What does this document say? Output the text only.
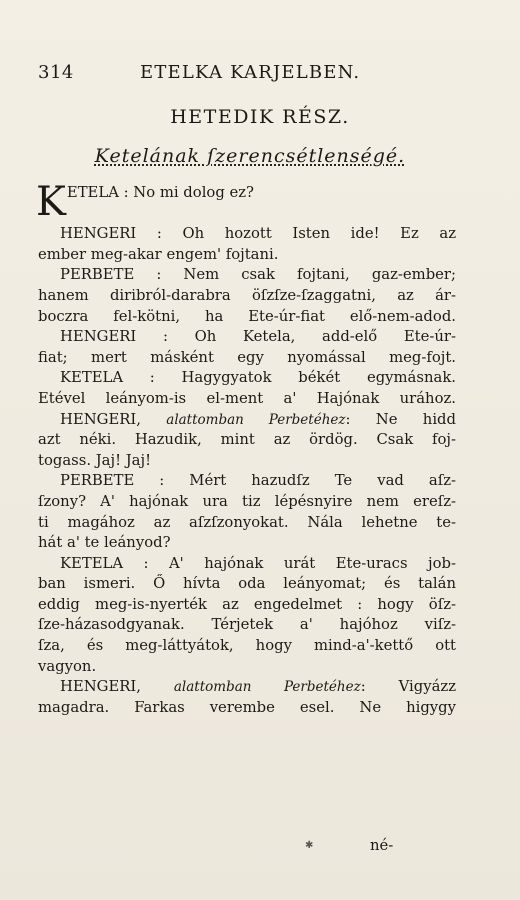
314	ETELKA KARJELBEN.
HETEDIK RÉSZ.
Ketelának ſzerencsétlenségé.
KETELA : No mi dolog ez?
HENGERI : Oh hozott Isten ide! Ez az
ember meg-akar engem' fojtani.
PERBETE : Nem csak fojtani, gaz-ember;
hanem diribról-darabra öſzſze-ſzaggatni, az ár-
boczra fel-kötni, ha Ete-úr-fiat elő-nem-adod.
HENGERI : Oh Ketela, add-elő Ete-úr-
fiat; mert másként egy nyomással meg-fojt.
KETELA : Hagygyatok békét egymásnak.
Etével leányom-is el-ment a' Hajónak urához.
HENGERI, alattomban Perbetéhez: Ne hidd
azt néki. Hazudik, mint az ördög. Csak foj-
togass. Jaj! Jaj!
PERBETE : Mért hazudſz Te vad aſz-
ſzony? A' hajónak ura tiz lépésnyire nem ereſz-
ti magához az aſzſzonyokat. Nála lehetne te-
hát a' te leányod?
KETELA : A' hajónak urát Ete-uracs job-
ban ismeri. Ő hívta oda leányomat; és talán
eddig meg-is-nyerték az engedelmet : hogy öſz-
ſze-házasodgyanak. Térjetek a' hajóhoz viſz-
ſza, és meg-láttyátok, hogy mind-a'-kettő ott
vagyon.
HENGERI, alattomban Perbetéhez: Vigyázz
magadra. Farkas verembe esel. Ne higygy
✱	né-
